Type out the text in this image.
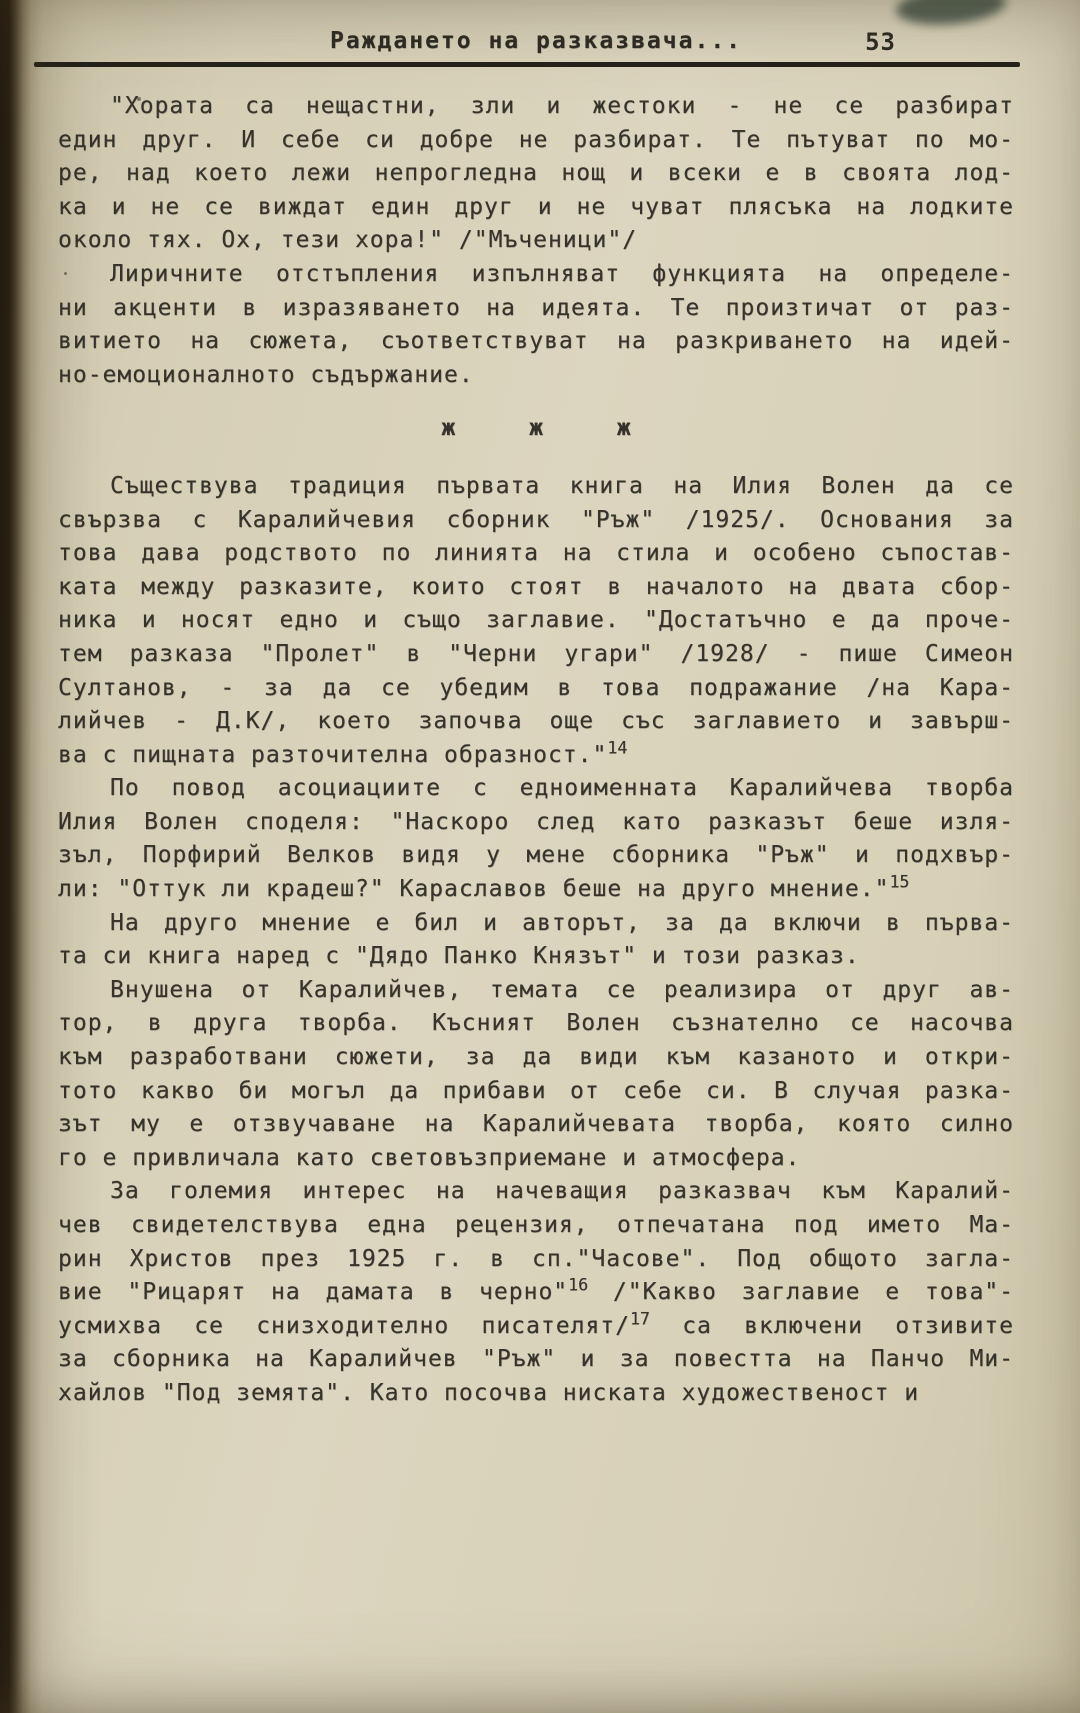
Раждането на разказвача...	53
"Хората са нещастни, зли и жестоки - не се разбират
един друг. И себе си добре не разбират. Те пътуват по мо-
ре, над което лежи непрогледна нощ и всеки е в своята лод-
ка и не се виждат един друг и не чуват плясъка на лодките
около тях. Ох, тези хора!" /"Мъченици"/
Лиричните отстъпления изпълняват функцията на определе-
ни акценти в изразяването на идеята. Те произтичат от раз-
витието на сюжета, съответствуват на разкриването на идей-
но-емоционалното съдържание.
ж ж ж
Съществува традиция първата книга на Илия Волен да се
свързва с Каралийчевия сборник "Ръж" /1925/. Основания за
това дава родството по линията на стила и особено съпостав-
ката между разказите, които стоят в началото на двата сбор-
ника и носят едно и също заглавие. "Достатъчно е да проче-
тем разказа "Пролет" в "Черни угари" /1928/ - пише Симеон
Султанов, - за да се убедим в това подражание /на Кара-
лийчев - Д.К/, което започва още със заглавието и завърш-
ва с пищната разточителна образност."$^{14}$
По повод асоциациите с едноименната Каралийчева творба
Илия Волен споделя: "Наскоро след като разказът беше изля-
зъл, Порфирий Велков видя у мене сборника "Ръж" и подхвър-
ли: "Оттук ли крадеш?" Караславов беше на друго мнение."$^{15}$
На друго мнение е бил и авторът, за да включи в първа-
та си книга наред с "Дядо Панко Князът" и този разказ.
Внушена от Каралийчев, темата се реализира от друг ав-
тор, в друга творба. Късният Волен съзнателно се насочва
към разработвани сюжети, за да види към казаното и откри-
тото какво би могъл да прибави от себе си. В случая разка-
зът му е отзвучаване на Каралийчевата творба, която силно
го е привличала като световъзприемане и атмосфера.
За големия интерес на начеващия разказвач към Каралий-
чев свидетелствува една рецензия, отпечатана под името Ма-
рин Христов през 1925 г. в сп."Часове". Под общото загла-
вие "Рицарят на дамата в черно"$^{16}$ /"Какво заглавие е това"-
усмихва се снизходително писателят/$^{17}$ са включени отзивите
за сборника на Каралийчев "Ръж" и за повестта на Панчо Ми-
хайлов "Под земята". Като посочва ниската художественост и
